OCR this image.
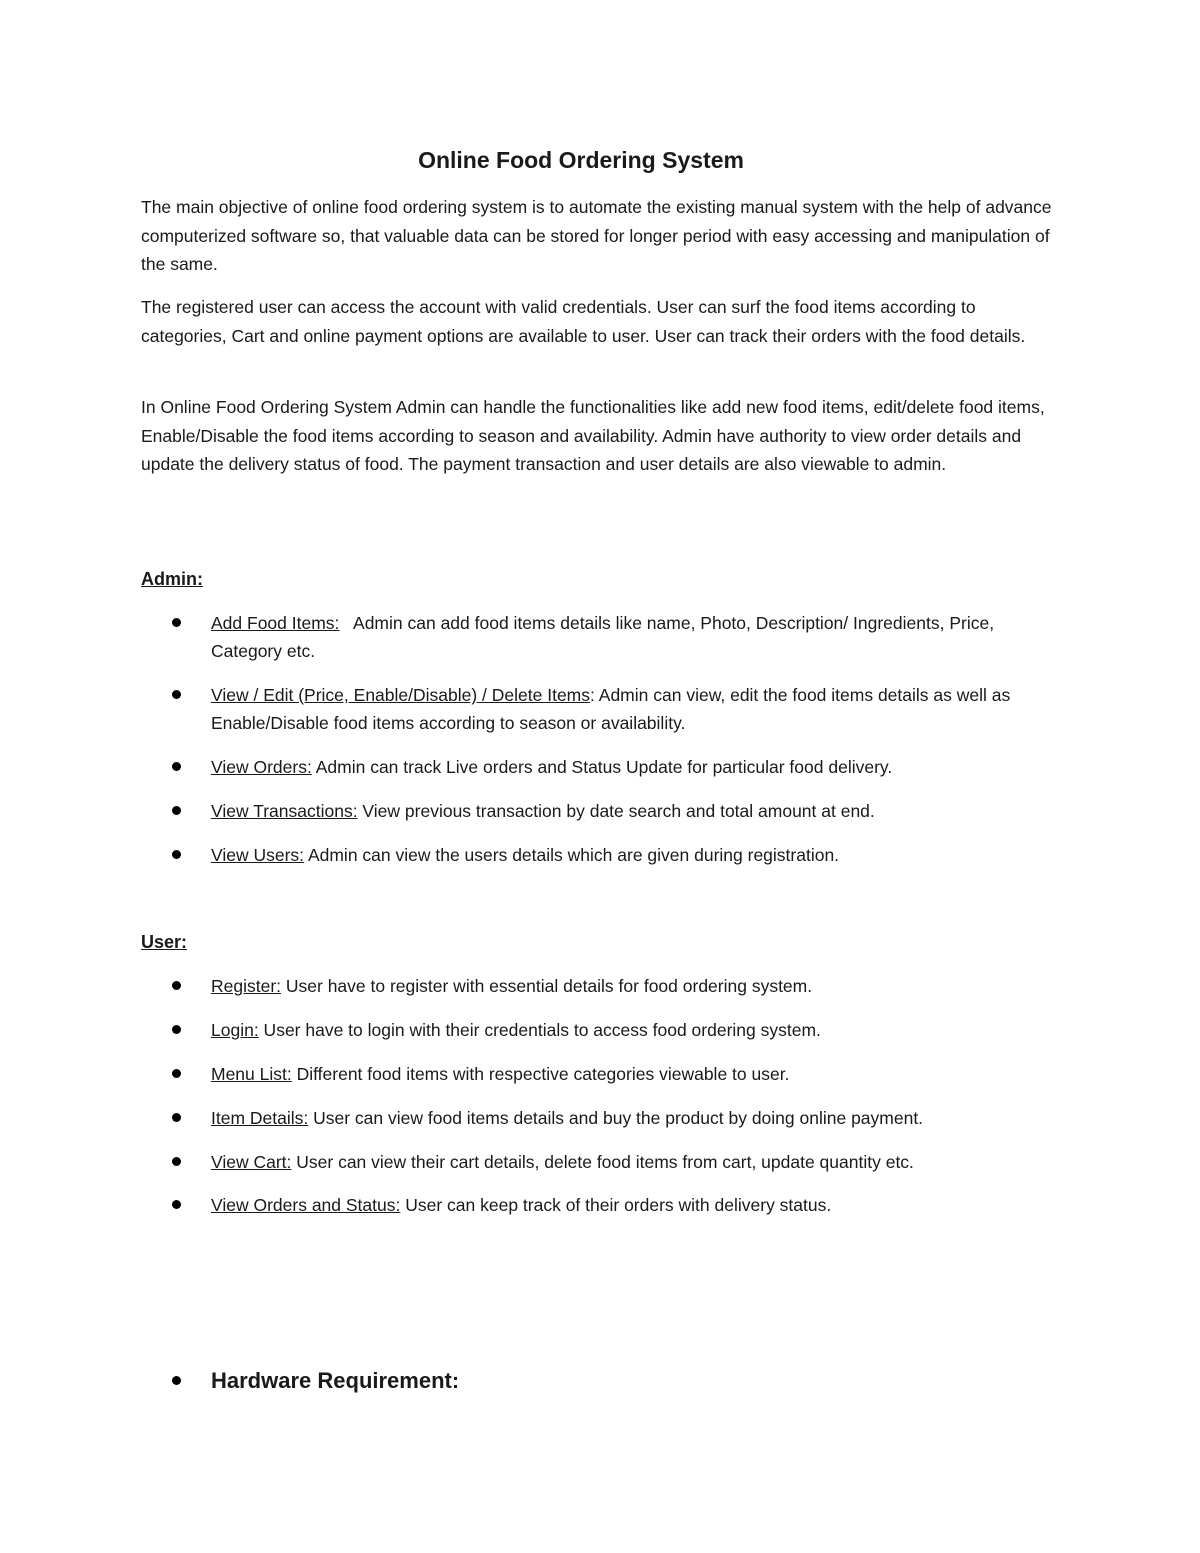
Online Food Ordering System

The main objective of online food ordering system is to automate the existing manual system with the help of advance computerized software so, that valuable data can be stored for longer period with easy accessing and manipulation of the same.

The registered user can access the account with valid credentials. User can surf the food items according to categories, Cart and online payment options are available to user. User can track their orders with the food details.

In Online Food Ordering System Admin can handle the functionalities like add new food items, edit/delete food items, Enable/Disable the food items according to season and availability. Admin have authority to view order details and update the delivery status of food. The payment transaction and user details are also viewable to admin.

Admin:
Add Food Items:   Admin can add food items details like name, Photo, Description/ Ingredients, Price, Category etc.
View / Edit (Price, Enable/Disable) / Delete Items: Admin can view, edit the food items details as well as Enable/Disable food items according to season or availability.
View Orders: Admin can track Live orders and Status Update for particular food delivery.
View Transactions: View previous transaction by date search and total amount at end.
View Users: Admin can view the users details which are given during registration.
User:
Register: User have to register with essential details for food ordering system.
Login: User have to login with their credentials to access food ordering system.
Menu List: Different food items with respective categories viewable to user.
Item Details: User can view food items details and buy the product by doing online payment.
View Cart: User can view their cart details, delete food items from cart, update quantity etc.
View Orders and Status: User can keep track of their orders with delivery status.
Hardware Requirement:
